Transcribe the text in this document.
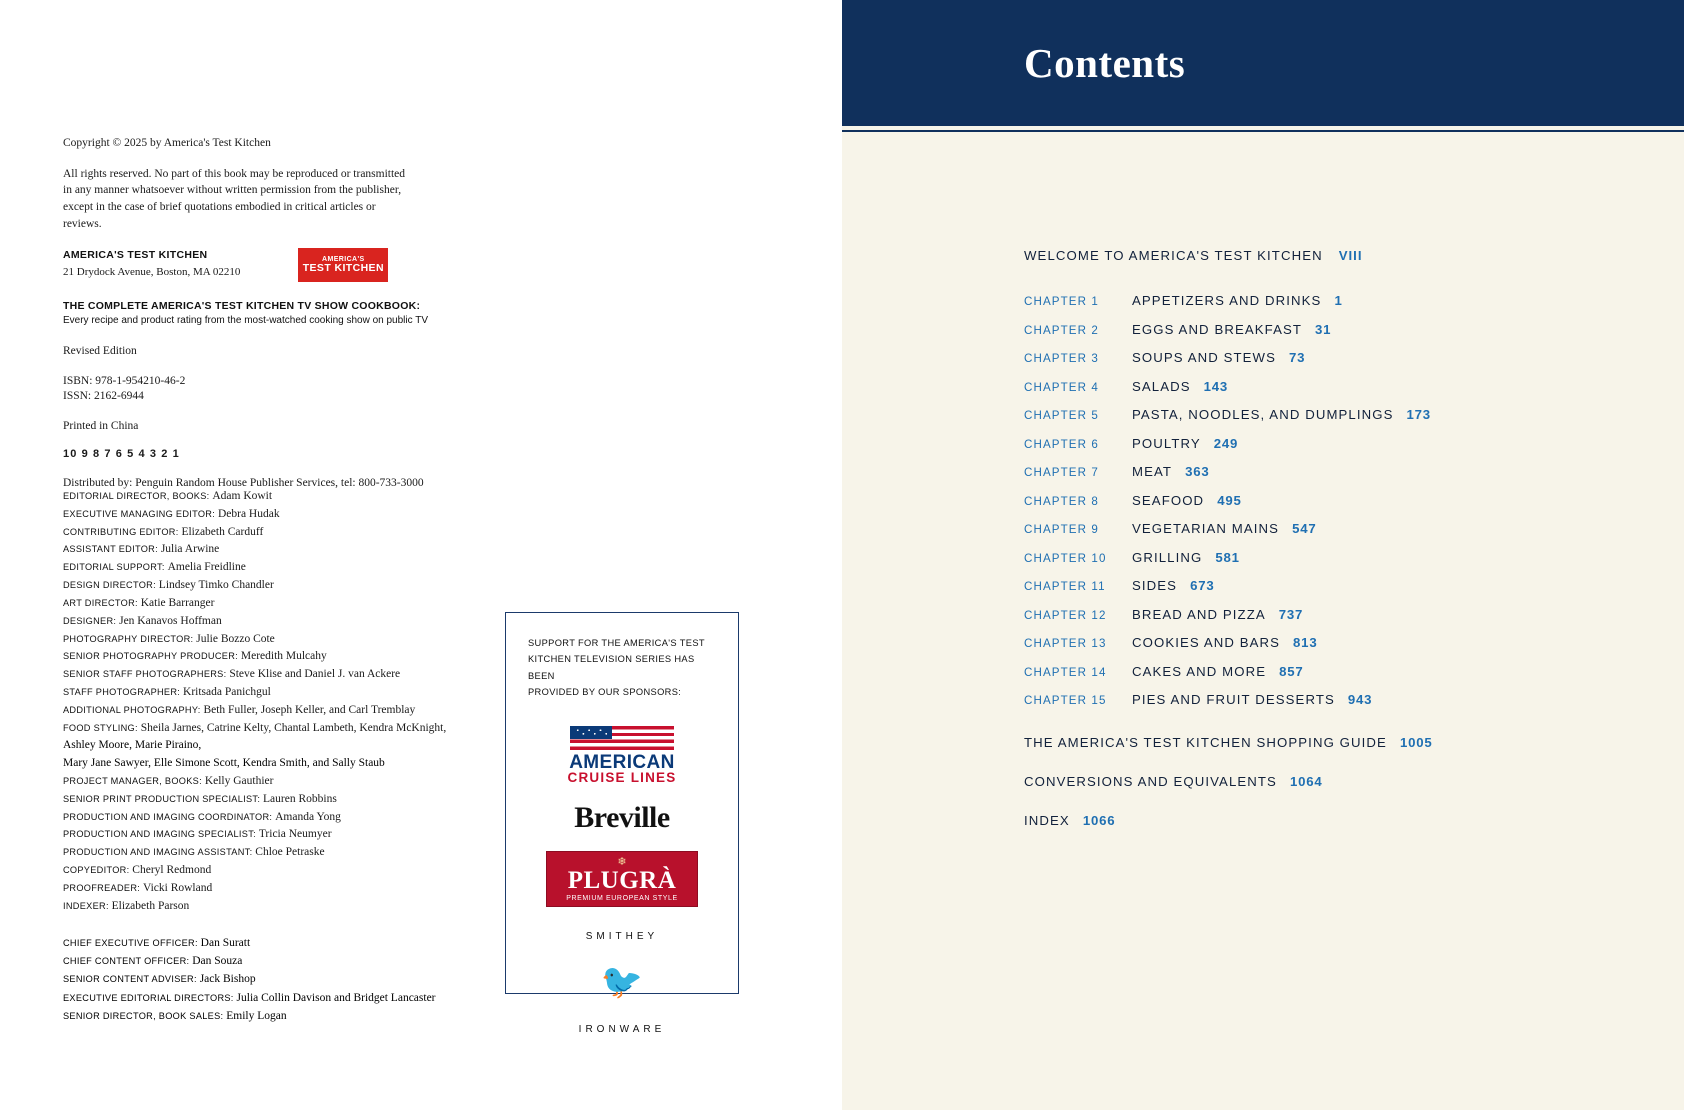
Copyright © 2025 by America's Test Kitchen
All rights reserved. No part of this book may be reproduced or transmitted in any manner whatsoever without written permission from the publisher, except in the case of brief quotations embodied in critical articles or reviews.
AMERICA'S TEST KITCHEN
21 Drydock Avenue, Boston, MA 02210
AMERICA'S
TEST KITCHEN
THE COMPLETE AMERICA'S TEST KITCHEN TV SHOW COOKBOOK:
Every recipe and product rating from the most-watched cooking show on public TV
Revised Edition
ISBN: 978-1-954210-46-2
ISSN: 2162-6944
Printed in China
10 9 8 7 6 5 4 3 2 1
Distributed by: Penguin Random House Publisher Services, tel: 800-733-3000
EDITORIAL DIRECTOR, BOOKS: Adam Kowit
EXECUTIVE MANAGING EDITOR: Debra Hudak
CONTRIBUTING EDITOR: Elizabeth Carduff
ASSISTANT EDITOR: Julia Arwine
EDITORIAL SUPPORT: Amelia Freidline
DESIGN DIRECTOR: Lindsey Timko Chandler
ART DIRECTOR: Katie Barranger
DESIGNER: Jen Kanavos Hoffman
PHOTOGRAPHY DIRECTOR: Julie Bozzo Cote
SENIOR PHOTOGRAPHY PRODUCER: Meredith Mulcahy
SENIOR STAFF PHOTOGRAPHERS: Steve Klise and Daniel J. van Ackere
STAFF PHOTOGRAPHER: Kritsada Panichgul
ADDITIONAL PHOTOGRAPHY: Beth Fuller, Joseph Keller, and Carl Tremblay
FOOD STYLING: Sheila Jarnes, Catrine Kelty, Chantal Lambeth, Kendra McKnight,
Ashley Moore, Marie Piraino,
Mary Jane Sawyer, Elle Simone Scott, Kendra Smith, and Sally Staub
PROJECT MANAGER, BOOKS: Kelly Gauthier
SENIOR PRINT PRODUCTION SPECIALIST: Lauren Robbins
PRODUCTION AND IMAGING COORDINATOR: Amanda Yong
PRODUCTION AND IMAGING SPECIALIST: Tricia Neumyer
PRODUCTION AND IMAGING ASSISTANT: Chloe Petraske
COPYEDITOR: Cheryl Redmond
PROOFREADER: Vicki Rowland
INDEXER: Elizabeth Parson
CHIEF EXECUTIVE OFFICER: Dan Suratt
CHIEF CONTENT OFFICER: Dan Souza
SENIOR CONTENT ADVISER: Jack Bishop
EXECUTIVE EDITORIAL DIRECTORS: Julia Collin Davison and Bridget Lancaster
SENIOR DIRECTOR, BOOK SALES: Emily Logan
SUPPORT FOR THE AMERICA'S TEST
KITCHEN TELEVISION SERIES HAS BEEN
PROVIDED BY OUR SPONSORS:
AMERICAN
CRUISE LINES
Breville
❄
PLUGRÀ
PREMIUM EUROPEAN STYLE
SMITHEY
🐦
IRONWARE
Contents
WELCOME TO AMERICA'S TEST KITCHEN VIII
CHAPTER 1	APPETIZERS AND DRINKS 1
CHAPTER 2	EGGS AND BREAKFAST 31
CHAPTER 3	SOUPS AND STEWS 73
CHAPTER 4	SALADS 143
CHAPTER 5	PASTA, NOODLES, AND DUMPLINGS 173
CHAPTER 6	POULTRY 249
CHAPTER 7	MEAT 363
CHAPTER 8	SEAFOOD 495
CHAPTER 9	VEGETARIAN MAINS 547
CHAPTER 10	GRILLING 581
CHAPTER 11	SIDES 673
CHAPTER 12	BREAD AND PIZZA 737
CHAPTER 13	COOKIES AND BARS 813
CHAPTER 14	CAKES AND MORE 857
CHAPTER 15	PIES AND FRUIT DESSERTS 943
THE AMERICA'S TEST KITCHEN SHOPPING GUIDE 1005
CONVERSIONS AND EQUIVALENTS 1064
INDEX 1066
